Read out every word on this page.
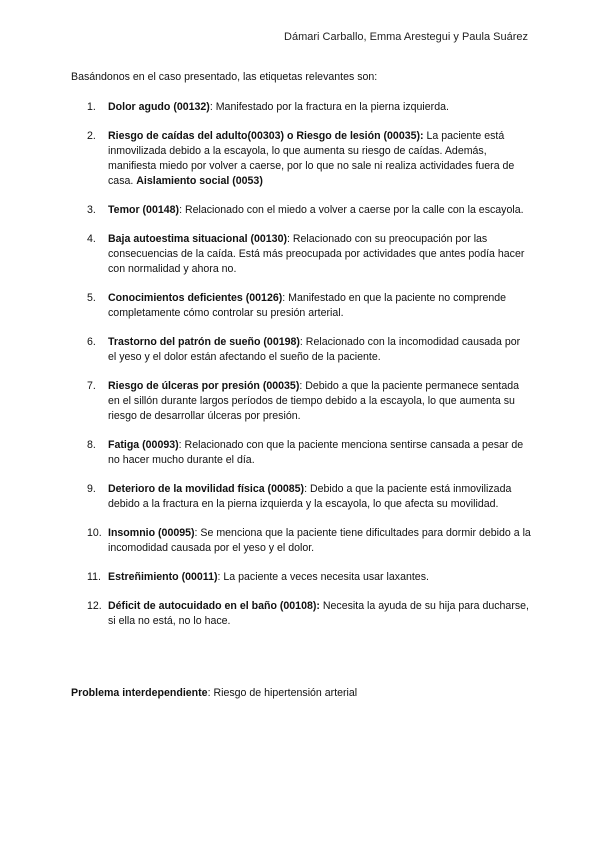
Dámari Carballo, Emma Arestegui y Paula Suárez
Basándonos en el caso presentado, las etiquetas relevantes son:
1.	Dolor agudo (00132): Manifestado por la fractura en la pierna izquierda.
2.	Riesgo de caídas del adulto(00303) o Riesgo de lesión (00035): La paciente está inmovilizada debido a la escayola, lo que aumenta su riesgo de caídas. Además, manifiesta miedo por volver a caerse, por lo que no sale ni realiza actividades fuera de casa. Aislamiento social (0053)
3.	Temor (00148): Relacionado con el miedo a volver a caerse por la calle con la escayola.
4.	Baja autoestima situacional (00130): Relacionado con su preocupación por las consecuencias de la caída. Está más preocupada por actividades que antes podía hacer con normalidad y ahora no.
5.	Conocimientos deficientes (00126): Manifestado en que la paciente no comprende completamente cómo controlar su presión arterial.
6.	Trastorno del patrón de sueño (00198): Relacionado con la incomodidad causada por el yeso y el dolor están afectando el sueño de la paciente.
7.	Riesgo de úlceras por presión (00035): Debido a que la paciente permanece sentada en el sillón durante largos períodos de tiempo debido a la escayola, lo que aumenta su riesgo de desarrollar úlceras por presión.
8.	Fatiga (00093): Relacionado con que la paciente menciona sentirse cansada a pesar de no hacer mucho durante el día.
9.	Deterioro de la movilidad física (00085): Debido a que la paciente está inmovilizada debido a la fractura en la pierna izquierda y la escayola, lo que afecta su movilidad.
10. Insomnio (00095): Se menciona que la paciente tiene dificultades para dormir debido a la incomodidad causada por el yeso y el dolor.
11. Estreñimiento (00011): La paciente a veces necesita usar laxantes.
12. Déficit de autocuidado en el baño (00108): Necesita la ayuda de su hija para ducharse, si ella no está, no lo hace.
Problema interdependiente: Riesgo de hipertensión arterial
